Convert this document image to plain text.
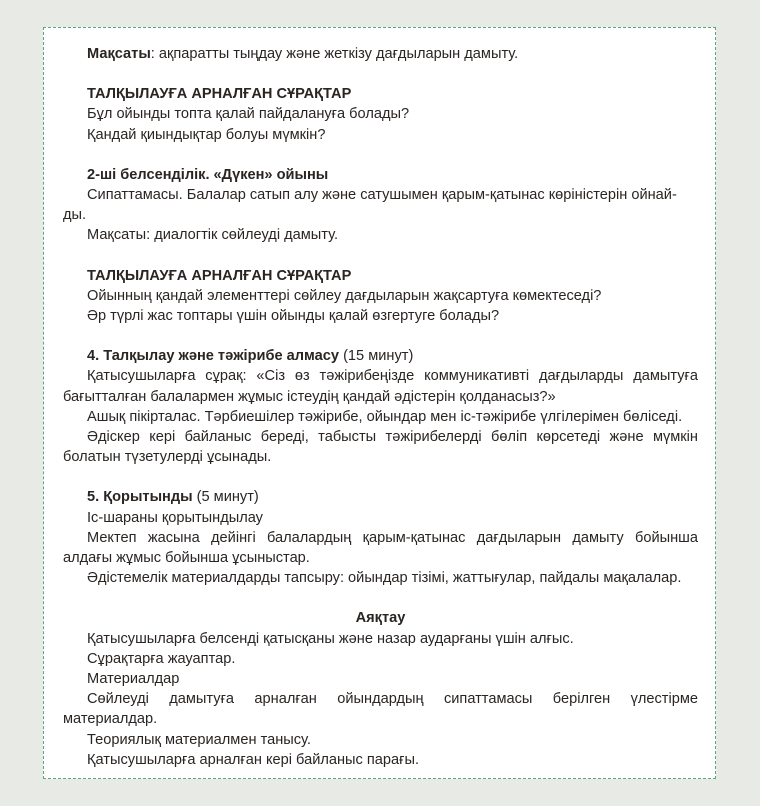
Мақсаты: ақпаратты тыңдау және жеткізу дағдыларын дамыту.

ТАЛҚЫЛАУҒА АРНАЛҒАН СҰРАҚТАР

Бұл ойынды топта қалай пайдалануға болады?

Қандай қиындықтар болуы мүмкін?

2-ші белсенділік. «Дүкен» ойыны

Сипаттамасы. Балалар сатып алу және сатушымен қарым-қатынас көріністерін ойнай-

ды.

Мақсаты: диалогтік сөйлеуді дамыту.

ТАЛҚЫЛАУҒА АРНАЛҒАН СҰРАҚТАР

Ойынның қандай элементтері сөйлеу дағдыларын жақсартуға көмектеседі?

Әр түрлі жас топтары үшін ойынды қалай өзгертуге болады?

4. Талқылау және тәжірибе алмасу (15 минут)

Қатысушыларға сұрақ: «Сіз өз тәжірибеңізде коммуникативті дағдыларды дамытуға бағытталған балалармен жұмыс істеудің қандай әдістерін қолданасыз?»

Ашық пікірталас. Тәрбиешілер тәжірибе, ойындар мен іс-тәжірибе үлгілерімен бөліседі.

Әдіскер кері байланыс береді, табысты тәжірибелерді бөліп көрсетеді және мүмкін болатын түзетулерді ұсынады.

5. Қорытынды (5 минут)

Іс-шараны қорытындылау

Мектеп жасына дейінгі балалардың қарым-қатынас дағдыларын дамыту бойынша алдағы жұмыс бойынша ұсыныстар.

Әдістемелік материалдарды тапсыру: ойындар тізімі, жаттығулар, пайдалы мақалалар.

Аяқтау

Қатысушыларға белсенді қатысқаны және назар аударғаны үшін алғыс.

Сұрақтарға жауаптар.

Материалдар

Сөйлеуді дамытуға арналған ойындардың сипаттамасы берілген үлестірме материалдар.

Теориялық материалмен танысу.

Қатысушыларға арналған кері байланыс парағы.
